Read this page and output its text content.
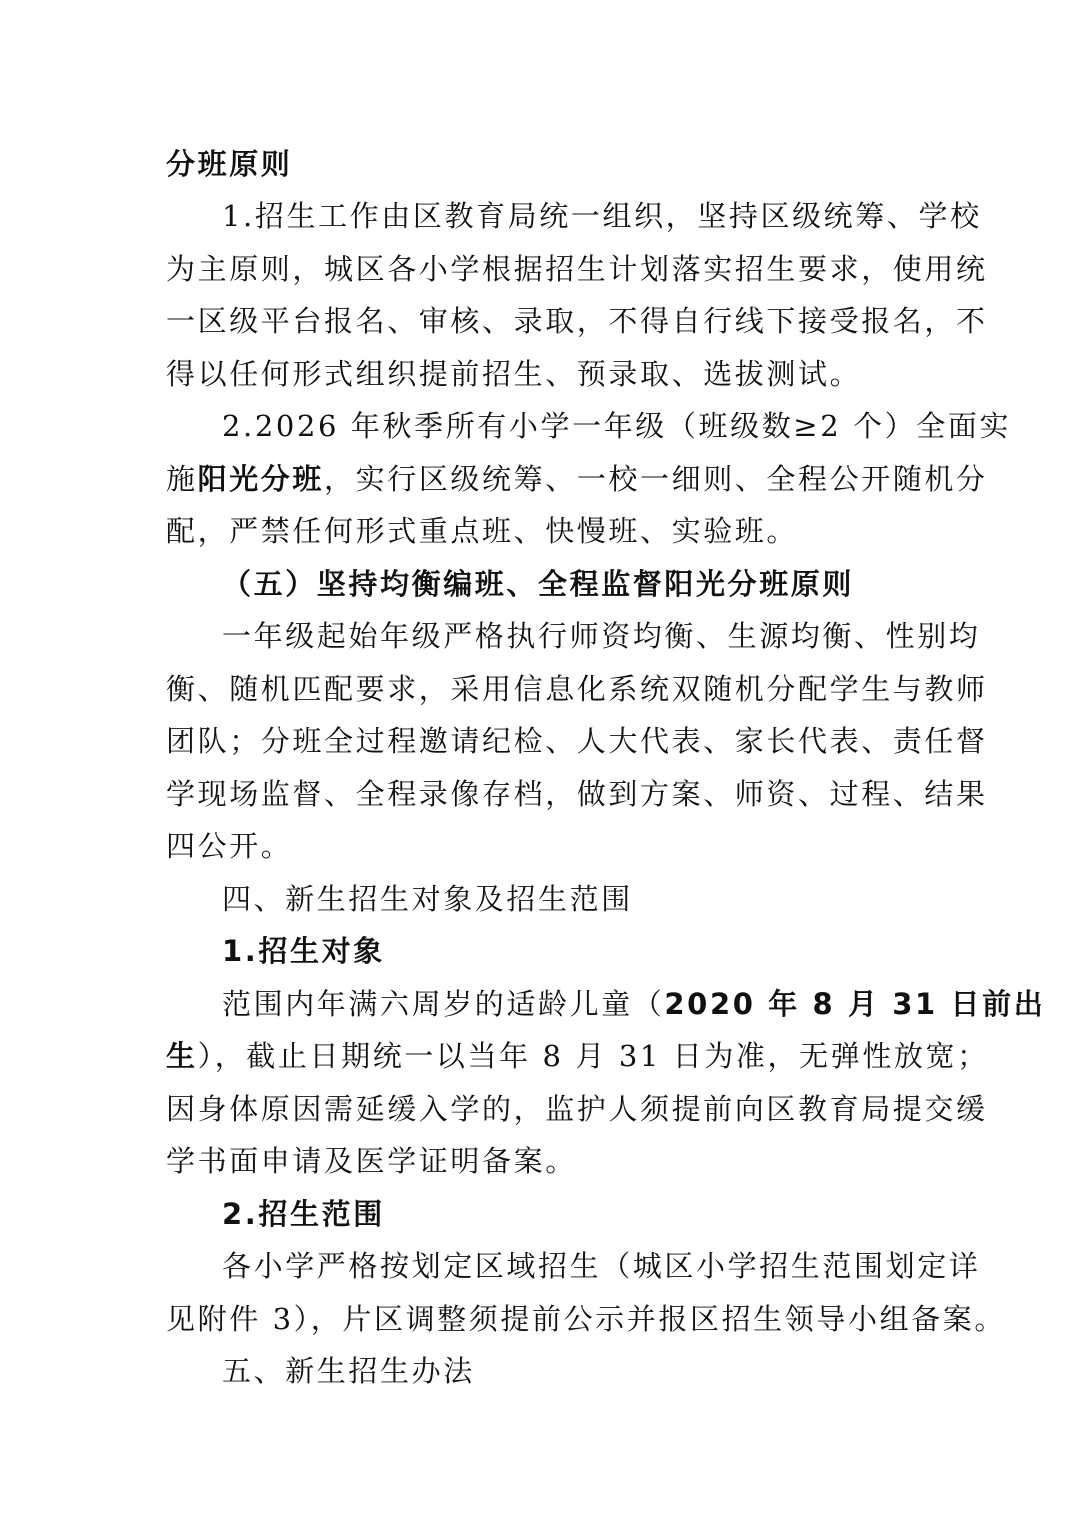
分班原则
1.招生工作由区教育局统一组织，坚持区级统筹、学校
为主原则，城区各小学根据招生计划落实招生要求，使用统
一区级平台报名、审核、录取，不得自行线下接受报名，不
得以任何形式组织提前招生、预录取、选拔测试。
2.2026 年秋季所有小学一年级（班级数≥2 个）全面实
施阳光分班，实行区级统筹、一校一细则、全程公开随机分
配，严禁任何形式重点班、快慢班、实验班。
（五）坚持均衡编班、全程监督阳光分班原则
一年级起始年级严格执行师资均衡、生源均衡、性别均
衡、随机匹配要求，采用信息化系统双随机分配学生与教师
团队；分班全过程邀请纪检、人大代表、家长代表、责任督
学现场监督、全程录像存档，做到方案、师资、过程、结果
四公开。
四、新生招生对象及招生范围
1.招生对象
范围内年满六周岁的适龄儿童（2020 年 8 月 31 日前出
生），截止日期统一以当年 8 月 31 日为准，无弹性放宽；
因身体原因需延缓入学的，监护人须提前向区教育局提交缓
学书面申请及医学证明备案。
2.招生范围
各小学严格按划定区域招生（城区小学招生范围划定详
见附件 3），片区调整须提前公示并报区招生领导小组备案。
五、新生招生办法
